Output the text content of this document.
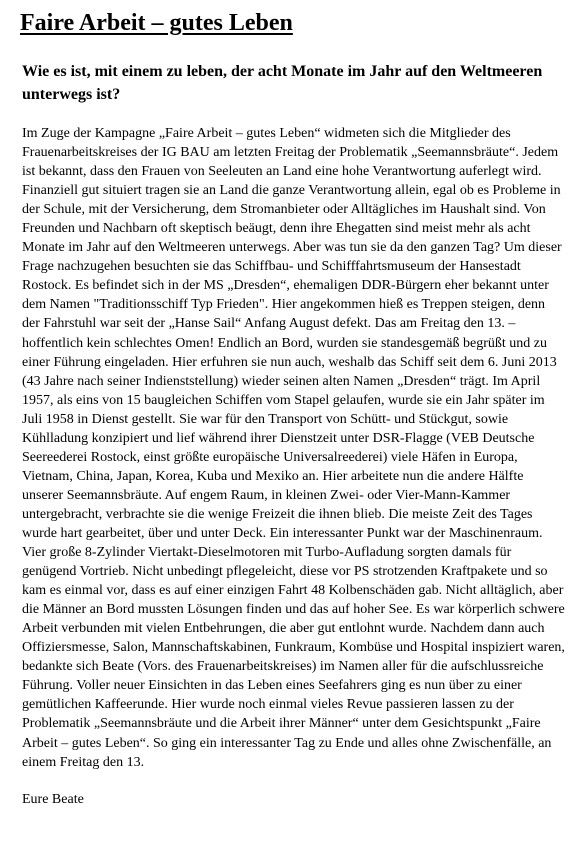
Faire Arbeit – gutes Leben
Wie es ist, mit einem zu leben, der acht Monate im Jahr auf den Weltmeeren unterwegs ist?

Im Zuge der Kampagne „Faire Arbeit – gutes Leben“ widmeten sich die Mitglieder des Frauenarbeitskreises der IG BAU am letzten Freitag der Problematik „Seemannsbräute“. Jedem ist bekannt, dass den Frauen von Seeleuten an Land eine hohe Verantwortung auferlegt wird. Finanziell gut situiert tragen sie an Land die ganze Verantwortung allein, egal ob es Probleme in der Schule, mit der Versicherung, dem Stromanbieter oder Alltägliches im Haushalt sind. Von Freunden und Nachbarn oft skeptisch beäugt, denn ihre Ehegatten sind meist mehr als acht Monate im Jahr auf den Weltmeeren unterwegs. Aber was tun sie da den ganzen Tag? Um dieser Frage nachzugehen besuchten sie das Schiffbau- und Schifffahrtsmuseum der Hansestadt Rostock. Es befindet sich in der MS „Dresden“, ehemaligen DDR-Bürgern eher bekannt unter dem Namen "Traditionsschiff Typ Frieden". Hier angekommen hieß es Treppen steigen, denn der Fahrstuhl war seit der „Hanse Sail“ Anfang August defekt. Das am Freitag den 13. – hoffentlich kein schlechtes Omen! Endlich an Bord, wurden sie standesgemäß begrüßt und zu einer Führung eingeladen. Hier erfuhren sie nun auch, weshalb das Schiff seit dem 6. Juni 2013 (43 Jahre nach seiner Indienststellung) wieder seinen alten Namen „Dresden“ trägt. Im April 1957, als eins von 15 baugleichen Schiffen vom Stapel gelaufen, wurde sie ein Jahr später im Juli 1958 in Dienst gestellt. Sie war für den Transport von Schütt- und Stückgut, sowie Kühlladung konzipiert und lief während ihrer Dienstzeit unter DSR-Flagge (VEB Deutsche Seereederei Rostock, einst größte europäische Universalreederei) viele Häfen in Europa, Vietnam, China, Japan, Korea, Kuba und Mexiko an. Hier arbeitete nun die andere Hälfte unserer Seemannsbräute. Auf engem Raum, in kleinen Zwei- oder Vier-Mann-Kammer untergebracht, verbrachte sie die wenige Freizeit die ihnen blieb. Die meiste Zeit des Tages wurde hart gearbeitet, über und unter Deck. Ein interessanter Punkt war der Maschinenraum. Vier große 8-Zylinder Viertakt-Dieselmotoren mit Turbo-Aufladung sorgten damals für genügend Vortrieb. Nicht unbedingt pflegeleicht, diese vor PS strotzenden Kraftpakete und so kam es einmal vor, dass es auf einer einzigen Fahrt 48 Kolbenschäden gab. Nicht alltäglich, aber die Männer an Bord mussten Lösungen finden und das auf hoher See. Es war körperlich schwere Arbeit verbunden mit vielen Entbehrungen, die aber gut entlohnt wurde. Nachdem dann auch Offiziersmesse, Salon, Mannschaftskabinen, Funkraum, Kombüse und Hospital inspiziert waren, bedankte sich Beate (Vors. des Frauenarbeitskreises) im Namen aller für die aufschlussreiche Führung. Voller neuer Einsichten in das Leben eines Seefahrers ging es nun über zu einer gemütlichen Kaffeerunde. Hier wurde noch einmal vieles Revue passieren lassen zu der Problematik „Seemannsbräute und die Arbeit ihrer Männer“ unter dem Gesichtspunkt „Faire Arbeit – gutes Leben“. So ging ein interessanter Tag zu Ende und alles ohne Zwischenfälle, an einem Freitag den 13.

Eure Beate
